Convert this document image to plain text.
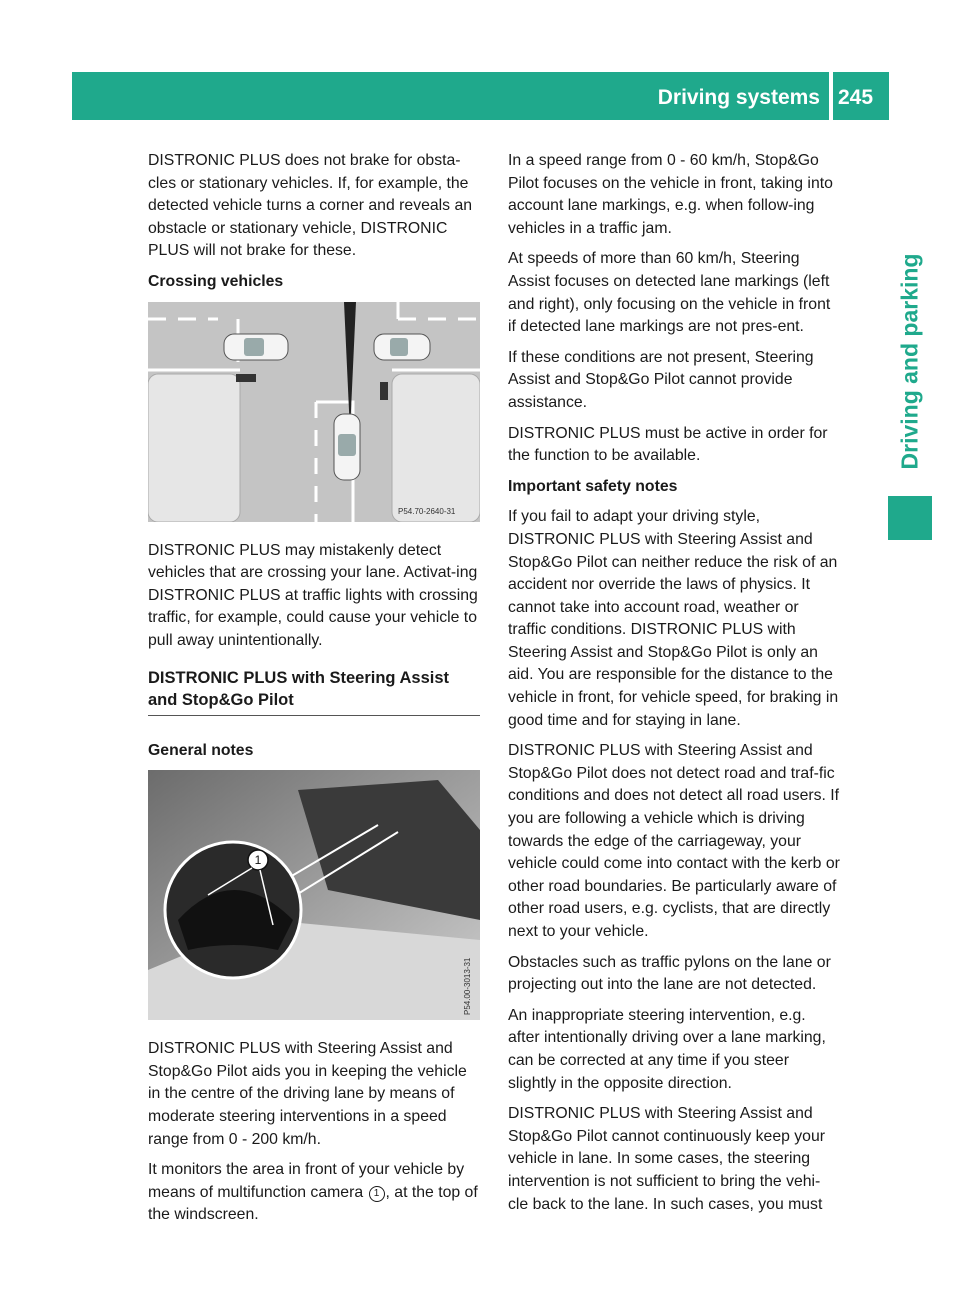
Driving systems 245
Driving and parking

DISTRONIC PLUS does not brake for obsta-cles or stationary vehicles. If, for example, the detected vehicle turns a corner and reveals an obstacle or stationary vehicle, DISTRONIC PLUS will not brake for these.

Crossing vehicles

P54.70-2640-31

DISTRONIC PLUS may mistakenly detect vehicles that are crossing your lane. Activat-ing DISTRONIC PLUS at traffic lights with crossing traffic, for example, could cause your vehicle to pull away unintentionally.

DISTRONIC PLUS with Steering Assist and Stop&Go Pilot

General notes

1
P54.00-3013-31

DISTRONIC PLUS with Steering Assist and Stop&Go Pilot aids you in keeping the vehicle in the centre of the driving lane by means of moderate steering interventions in a speed range from 0 - 200 km/h.

It monitors the area in front of your vehicle by means of multifunction camera 1 , at the top of the windscreen.

In a speed range from 0 - 60 km/h, Stop&Go Pilot focuses on the vehicle in front, taking into account lane markings, e.g. when follow-ing vehicles in a traffic jam.

At speeds of more than 60 km/h, Steering Assist focuses on detected lane markings (left and right), only focusing on the vehicle in front if detected lane markings are not pres-ent.

If these conditions are not present, Steering Assist and Stop&Go Pilot cannot provide assistance.

DISTRONIC PLUS must be active in order for the function to be available.

Important safety notes

If you fail to adapt your driving style, DISTRONIC PLUS with Steering Assist and Stop&Go Pilot can neither reduce the risk of an accident nor override the laws of physics. It cannot take into account road, weather or traffic conditions. DISTRONIC PLUS with Steering Assist and Stop&Go Pilot is only an aid. You are responsible for the distance to the vehicle in front, for vehicle speed, for braking in good time and for staying in lane.

DISTRONIC PLUS with Steering Assist and Stop&Go Pilot does not detect road and traf-fic conditions and does not detect all road users. If you are following a vehicle which is driving towards the edge of the carriageway, your vehicle could come into contact with the kerb or other road boundaries. Be particularly aware of other road users, e.g. cyclists, that are directly next to your vehicle.

Obstacles such as traffic pylons on the lane or projecting out into the lane are not detected.

An inappropriate steering intervention, e.g. after intentionally driving over a lane marking, can be corrected at any time if you steer slightly in the opposite direction.

DISTRONIC PLUS with Steering Assist and Stop&Go Pilot cannot continuously keep your vehicle in lane. In some cases, the steering intervention is not sufficient to bring the vehi-cle back to the lane. In such cases, you must
